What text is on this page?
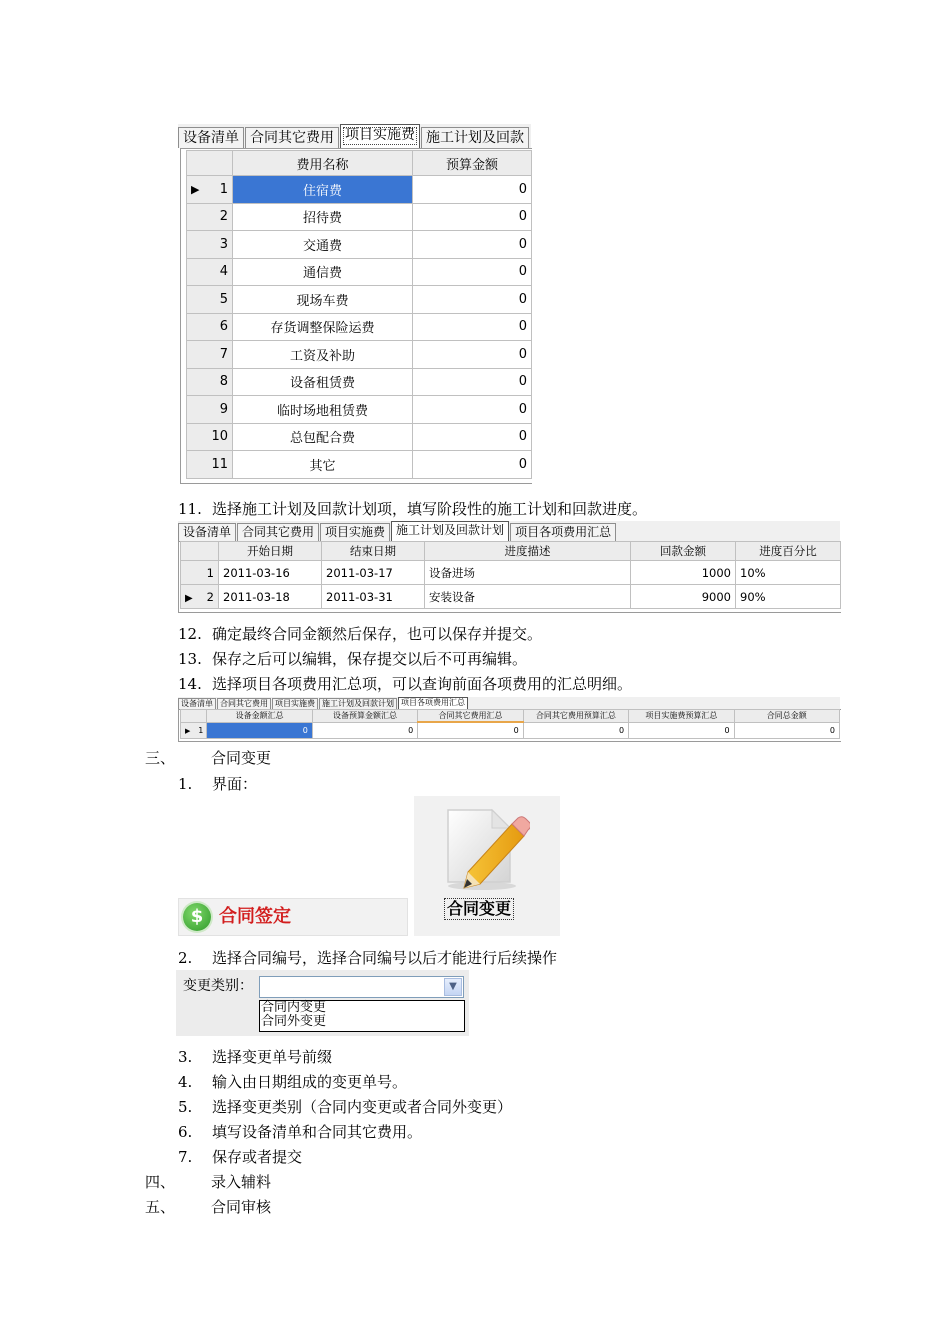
设备清单 合同其它费用 项目实施费 施工计划及回款
	费用名称	预算金额
▶ 1	住宿费	0
2	招待费	0
3	交通费	0
4	通信费	0
5	现场车费	0
6	存货调整保险运费	0
7	工资及补助	0
8	设备租赁费	0
9	临时场地租赁费	0
10	总包配合费	0
11	其它	0
11. 选择施工计划及回款计划项，填写阶段性的施工计划和回款进度。
设备清单 合同其它费用 项目实施费 施工计划及回款计划 项目各项费用汇总
	开始日期	结束日期	进度描述	回款金额	进度百分比
1	2011-03-16	2011-03-17	设备进场	1000	10%
▶ 2	2011-03-18	2011-03-31	安装设备	9000	90%
12. 确定最终合同金额然后保存，也可以保存并提交。
13. 保存之后可以编辑，保存提交以后不可再编辑。
14. 选择项目各项费用汇总项，可以查询前面各项费用的汇总明细。
设备清单 合同其它费用 项目实施费 施工计划及回款计划 项目各项费用汇总
	设备金额汇总	设备预算金额汇总	合同其它费用汇总	合同其它费用预算汇总	项目实施费预算汇总	合同总金额
▶ 1	0	0	0	0	0	0
三、 合同变更
1. 界面：
$ 合同签定	合同变更
2. 选择合同编号，选择合同编号以后才能进行后续操作
变更类别：	▼
合同内变更
合同外变更
3. 选择变更单号前缀
4. 输入由日期组成的变更单号。
5. 选择变更类别（合同内变更或者合同外变更）
6. 填写设备清单和合同其它费用。
7. 保存或者提交
四、 录入辅料
五、 合同审核
